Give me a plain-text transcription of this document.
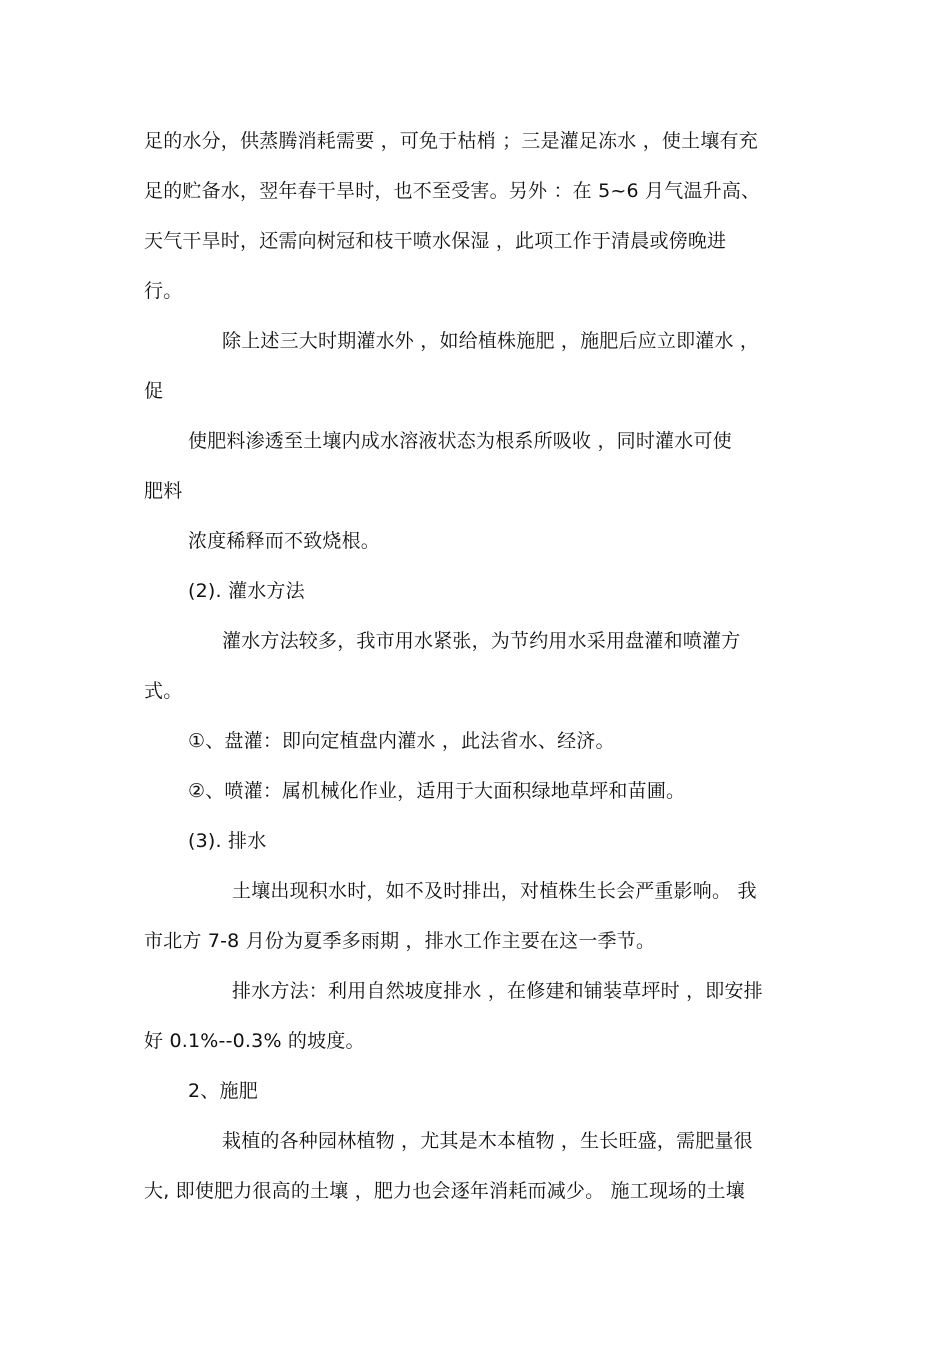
足的水分，供蒸腾消耗需要 ，可免于枯梢 ；三是灌足冻水 ，使土壤有充
足的贮备水，翌年春干旱时，也不至受害。另外 ：在 5~6 月气温升高、
天气干旱时，还需向树冠和枝干喷水保湿 ，此项工作于清晨或傍晚进
行。
除上述三大时期灌水外 ，如给植株施肥 ，施肥后应立即灌水 ，
促
使肥料渗透至土壤内成水溶液状态为根系所吸收 ，同时灌水可使
肥料
浓度稀释而不致烧根。
(2). 灌水方法
灌水方法较多，我市用水紧张，为节约用水采用盘灌和喷灌方
式。
①、盘灌：即向定植盘内灌水 ，此法省水、经济。
②、喷灌：属机械化作业，适用于大面积绿地草坪和苗圃。
(3). 排水
土壤出现积水时，如不及时排出，对植株生长会严重影响。 我
市北方 7-8 月份为夏季多雨期 ，排水工作主要在这一季节。
排水方法：利用自然坡度排水 ，在修建和铺装草坪时 ，即安排
好 0.1%--0.3% 的坡度。
2、施肥
栽植的各种园林植物 ，尤其是木本植物 ，生长旺盛，需肥量很
大, 即使肥力很高的土壤 ，肥力也会逐年消耗而减少。 施工现场的土壤
